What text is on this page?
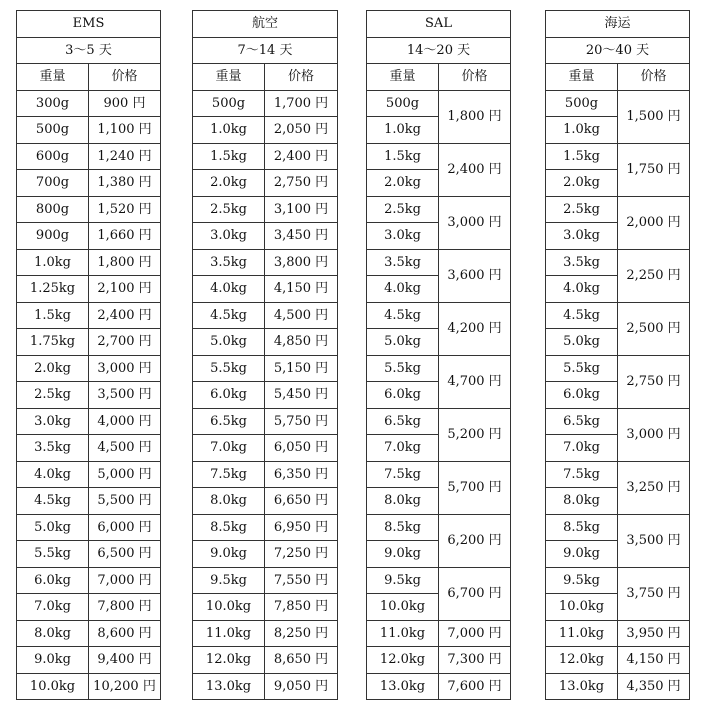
EMS	
3～5 天	
重量	价格
300g	900 円
500g	1,100 円
600g	1,240 円
700g	1,380 円
800g	1,520 円
900g	1,660 円
1.0kg	1,800 円
1.25kg	2,100 円
1.5kg	2,400 円
1.75kg	2,700 円
2.0kg	3,000 円
2.5kg	3,500 円
3.0kg	4,000 円
3.5kg	4,500 円
4.0kg	5,000 円
4.5kg	5,500 円
5.0kg	6,000 円
5.5kg	6,500 円
6.0kg	7,000 円
7.0kg	7,800 円
8.0kg	8,600 円
9.0kg	9,400 円
10.0kg	10,200 円
航空	
7～14 天	
重量	价格
500g	1,700 円
1.0kg	2,050 円
1.5kg	2,400 円
2.0kg	2,750 円
2.5kg	3,100 円
3.0kg	3,450 円
3.5kg	3,800 円
4.0kg	4,150 円
4.5kg	4,500 円
5.0kg	4,850 円
5.5kg	5,150 円
6.0kg	5,450 円
6.5kg	5,750 円
7.0kg	6,050 円
7.5kg	6,350 円
8.0kg	6,650 円
8.5kg	6,950 円
9.0kg	7,250 円
9.5kg	7,550 円
10.0kg	7,850 円
11.0kg	8,250 円
12.0kg	8,650 円
13.0kg	9,050 円
SAL	
14～20 天	
重量	价格
500g	1,800 円
1.0kg	
1.5kg	2,400 円
2.0kg	
2.5kg	3,000 円
3.0kg	
3.5kg	3,600 円
4.0kg	
4.5kg	4,200 円
5.0kg	
5.5kg	4,700 円
6.0kg	
6.5kg	5,200 円
7.0kg	
7.5kg	5,700 円
8.0kg	
8.5kg	6,200 円
9.0kg	
9.5kg	6,700 円
10.0kg	
11.0kg	7,000 円
12.0kg	7,300 円
13.0kg	7,600 円
海运	
20～40 天	
重量	价格
500g	1,500 円
1.0kg	
1.5kg	1,750 円
2.0kg	
2.5kg	2,000 円
3.0kg	
3.5kg	2,250 円
4.0kg	
4.5kg	2,500 円
5.0kg	
5.5kg	2,750 円
6.0kg	
6.5kg	3,000 円
7.0kg	
7.5kg	3,250 円
8.0kg	
8.5kg	3,500 円
9.0kg	
9.5kg	3,750 円
10.0kg	
11.0kg	3,950 円
12.0kg	4,150 円
13.0kg	4,350 円
